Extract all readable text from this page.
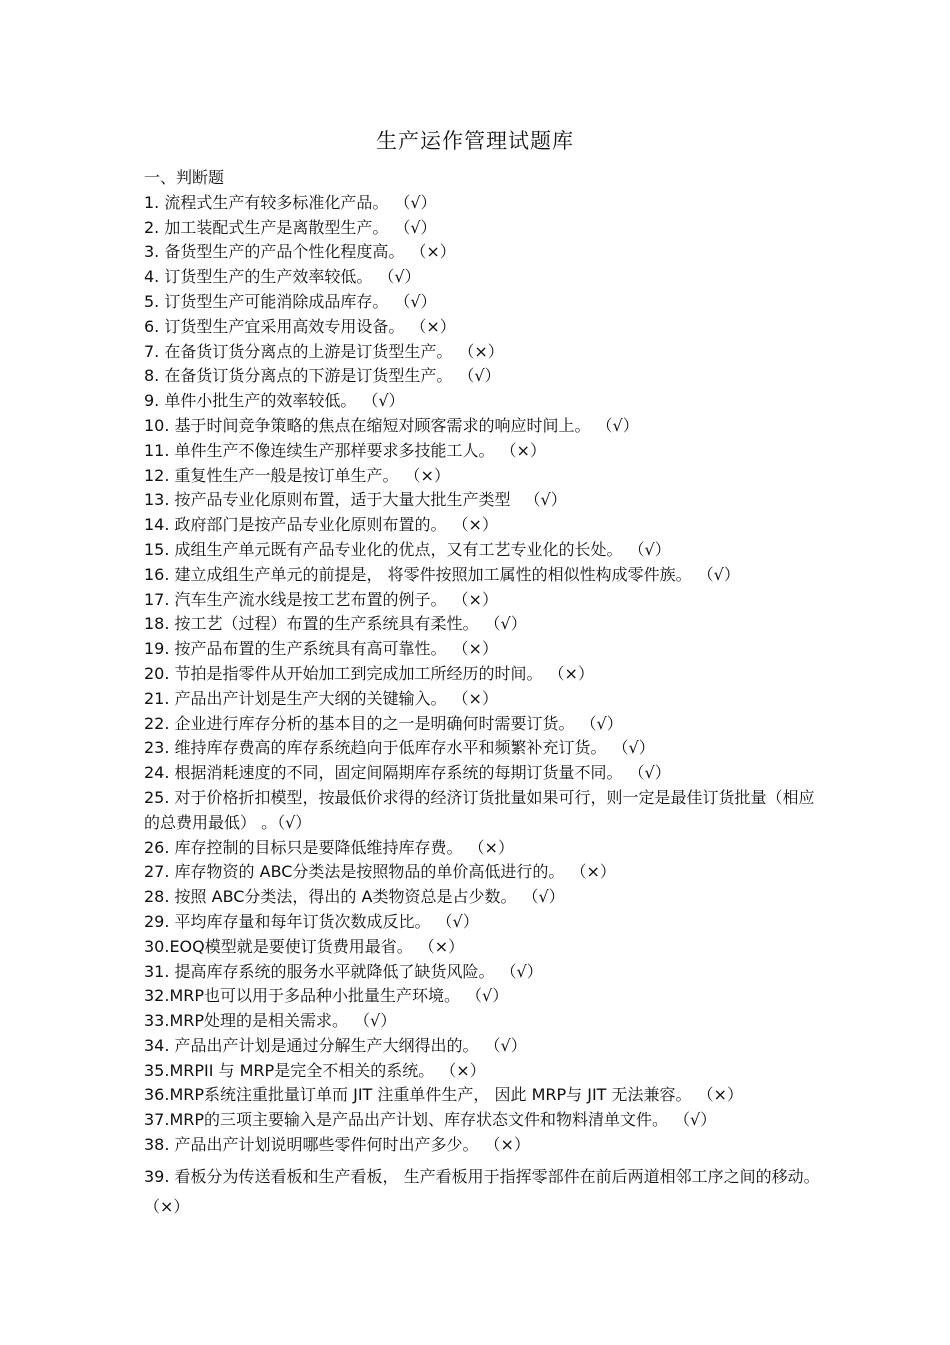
生产运作管理试题库
一、判断题
1. 流程式生产有较多标准化产品。 （√）
2. 加工装配式生产是离散型生产。 （√）
3. 备货型生产的产品个性化程度高。 （×）
4. 订货型生产的生产效率较低。 （√）
5. 订货型生产可能消除成品库存。 （√）
6. 订货型生产宜采用高效专用设备。 （×）
7. 在备货订货分离点的上游是订货型生产。 （×）
8. 在备货订货分离点的下游是订货型生产。 （√）
9. 单件小批生产的效率较低。 （√）
10. 基于时间竞争策略的焦点在缩短对顾客需求的响应时间上。 （√）
11. 单件生产不像连续生产那样要求多技能工人。 （×）
12. 重复性生产一般是按订单生产。 （×）
13. 按产品专业化原则布置，适于大量大批生产类型 （√）
14. 政府部门是按产品专业化原则布置的。 （×）
15. 成组生产单元既有产品专业化的优点，又有工艺专业化的长处。 （√）
16. 建立成组生产单元的前提是， 将零件按照加工属性的相似性构成零件族。 （√）
17. 汽车生产流水线是按工艺布置的例子。 （×）
18. 按工艺（过程）布置的生产系统具有柔性。 （√）
19. 按产品布置的生产系统具有高可靠性。 （×）
20. 节拍是指零件从开始加工到完成加工所经历的时间。 （×）
21. 产品出产计划是生产大纲的关键输入。 （×）
22. 企业进行库存分析的基本目的之一是明确何时需要订货。 （√）
23. 维持库存费高的库存系统趋向于低库存水平和频繁补充订货。 （√）
24. 根据消耗速度的不同，固定间隔期库存系统的每期订货量不同。 （√）
25. 对于价格折扣模型，按最低价求得的经济订货批量如果可行，则一定是最佳订货批量（相应的总费用最低） 。（√）
26. 库存控制的目标只是要降低维持库存费。 （×）
27. 库存物资的 ABC分类法是按照物品的单价高低进行的。 （×）
28. 按照 ABC分类法，得出的 A类物资总是占少数。 （√）
29. 平均库存量和每年订货次数成反比。 （√）
30.EOQ模型就是要使订货费用最省。 （×）
31. 提高库存系统的服务水平就降低了缺货风险。 （√）
32.MRP也可以用于多品种小批量生产环境。 （√）
33.MRP处理的是相关需求。 （√）
34. 产品出产计划是通过分解生产大纲得出的。 （√）
35.MRPII 与 MRP是完全不相关的系统。 （×）
36.MRP系统注重批量订单而 JIT 注重单件生产， 因此 MRP与 JIT 无法兼容。 （×）
37.MRP的三项主要输入是产品出产计划、库存状态文件和物料清单文件。 （√）
38. 产品出产计划说明哪些零件何时出产多少。 （×）
39. 看板分为传送看板和生产看板， 生产看板用于指挥零部件在前后两道相邻工序之间的移动。（×）
